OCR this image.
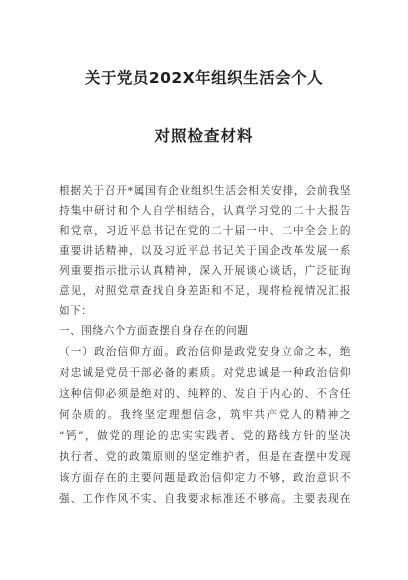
关于党员202X年组织生活会个人
对照检查材料
根据关于召开*属国有企业组织生活会相关安排，会前我坚
持集中研讨和个人自学相结合，认真学习党的二十大报告
和党章，习近平总书记在党的二十届一中、二中全会上的
重要讲话精神，以及习近平总书记关于国企改革发展一系
列重要指示批示认真精神，深入开展谈心谈话，广泛征询
意见，对照党章查找自身差距和不足，现将检视情况汇报
如下：
一、围绕六个方面查摆自身存在的问题
（一）政治信仰方面。政治信仰是政党安身立命之本，绝
对忠诚是党员干部必备的素质。对党忠诚是一种政治信仰
这种信仰必须是绝对的、纯粹的、发自于内心的、不含任
何杂质的。我终坚定理想信念，筑牢共产党人的精神之
“钙”，做党的理论的忠实实践者、党的路线方针的坚决
执行者、党的政策原则的坚定维护者，但是在查摆中发现
该方面存在的主要问题是政治信仰定力不够，政治意识不
强、工作作风不实、自我要求标准还不够高。主要表现在
